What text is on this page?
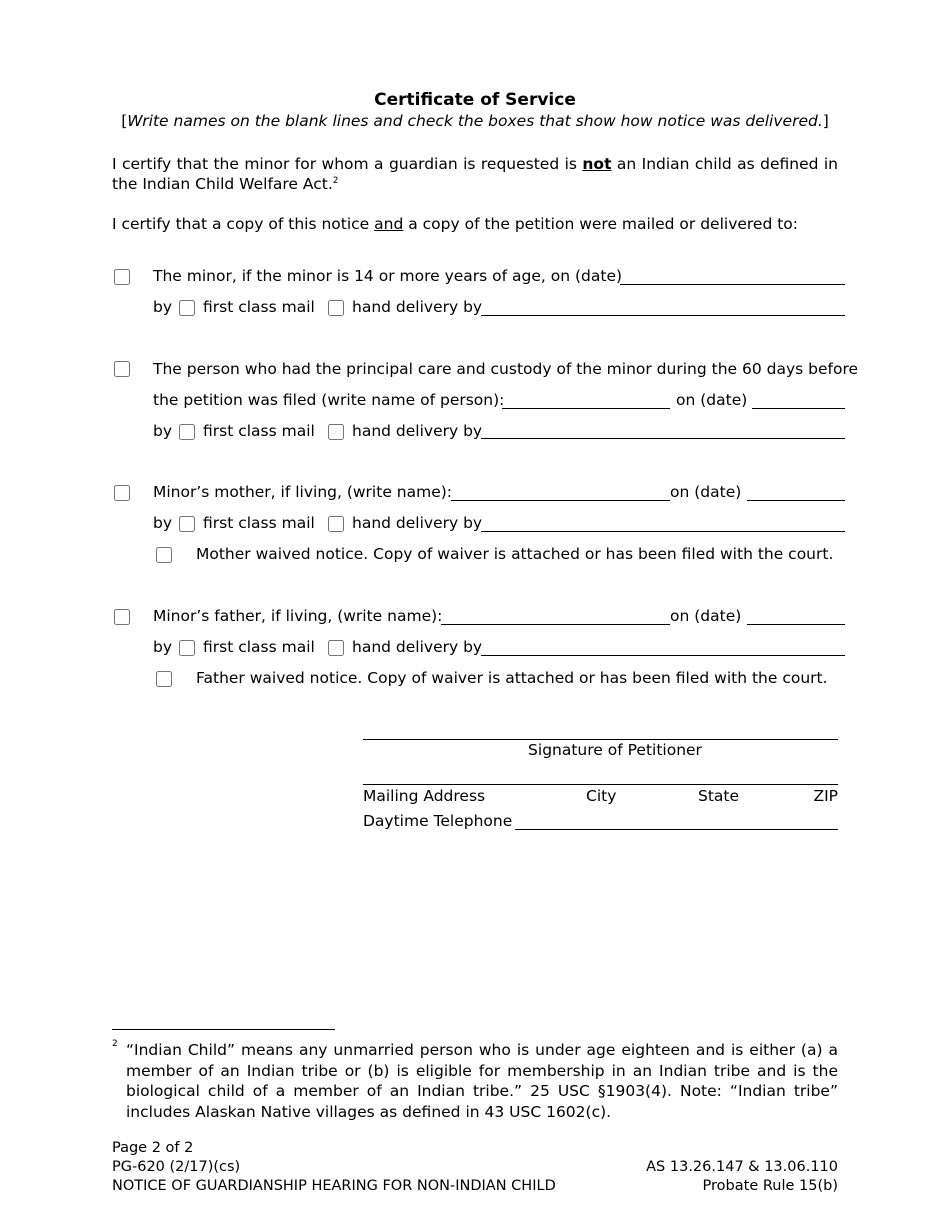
Certificate of Service
[Write names on the blank lines and check the boxes that show how notice was delivered.]
I certify that the minor for whom a guardian is requested is not an Indian child as defined in the Indian Child Welfare Act.$^2$
I certify that a copy of this notice and a copy of the petition were mailed or delivered to:
The minor, if the minor is 14 or more years of age, on (date)
by first class mail hand delivery by
The person who had the principal care and custody of the minor during the 60 days before
the petition was filed (write name of person):	on (date)
by first class mail hand delivery by
Minor’s mother, if living, (write name):	on (date)
by first class mail hand delivery by
Mother waived notice. Copy of waiver is attached or has been filed with the court.
Minor’s father, if living, (write name):	on (date)
by first class mail hand delivery by
Father waived notice. Copy of waiver is attached or has been filed with the court.
Signature of Petitioner
Mailing Address	City	State	ZIP
Daytime Telephone
$^2$ “Indian Child” means any unmarried person who is under age eighteen and is either (a) a member of an Indian tribe or (b) is eligible for membership in an Indian tribe and is the biological child of a member of an Indian tribe.” 25 USC §1903(4). Note: “Indian tribe” includes Alaskan Native villages as defined in 43 USC 1602(c).
Page 2 of 2
PG-620 (2/17)(cs)
NOTICE OF GUARDIANSHIP HEARING FOR NON-INDIAN CHILD
AS 13.26.147 & 13.06.110
Probate Rule 15(b)
